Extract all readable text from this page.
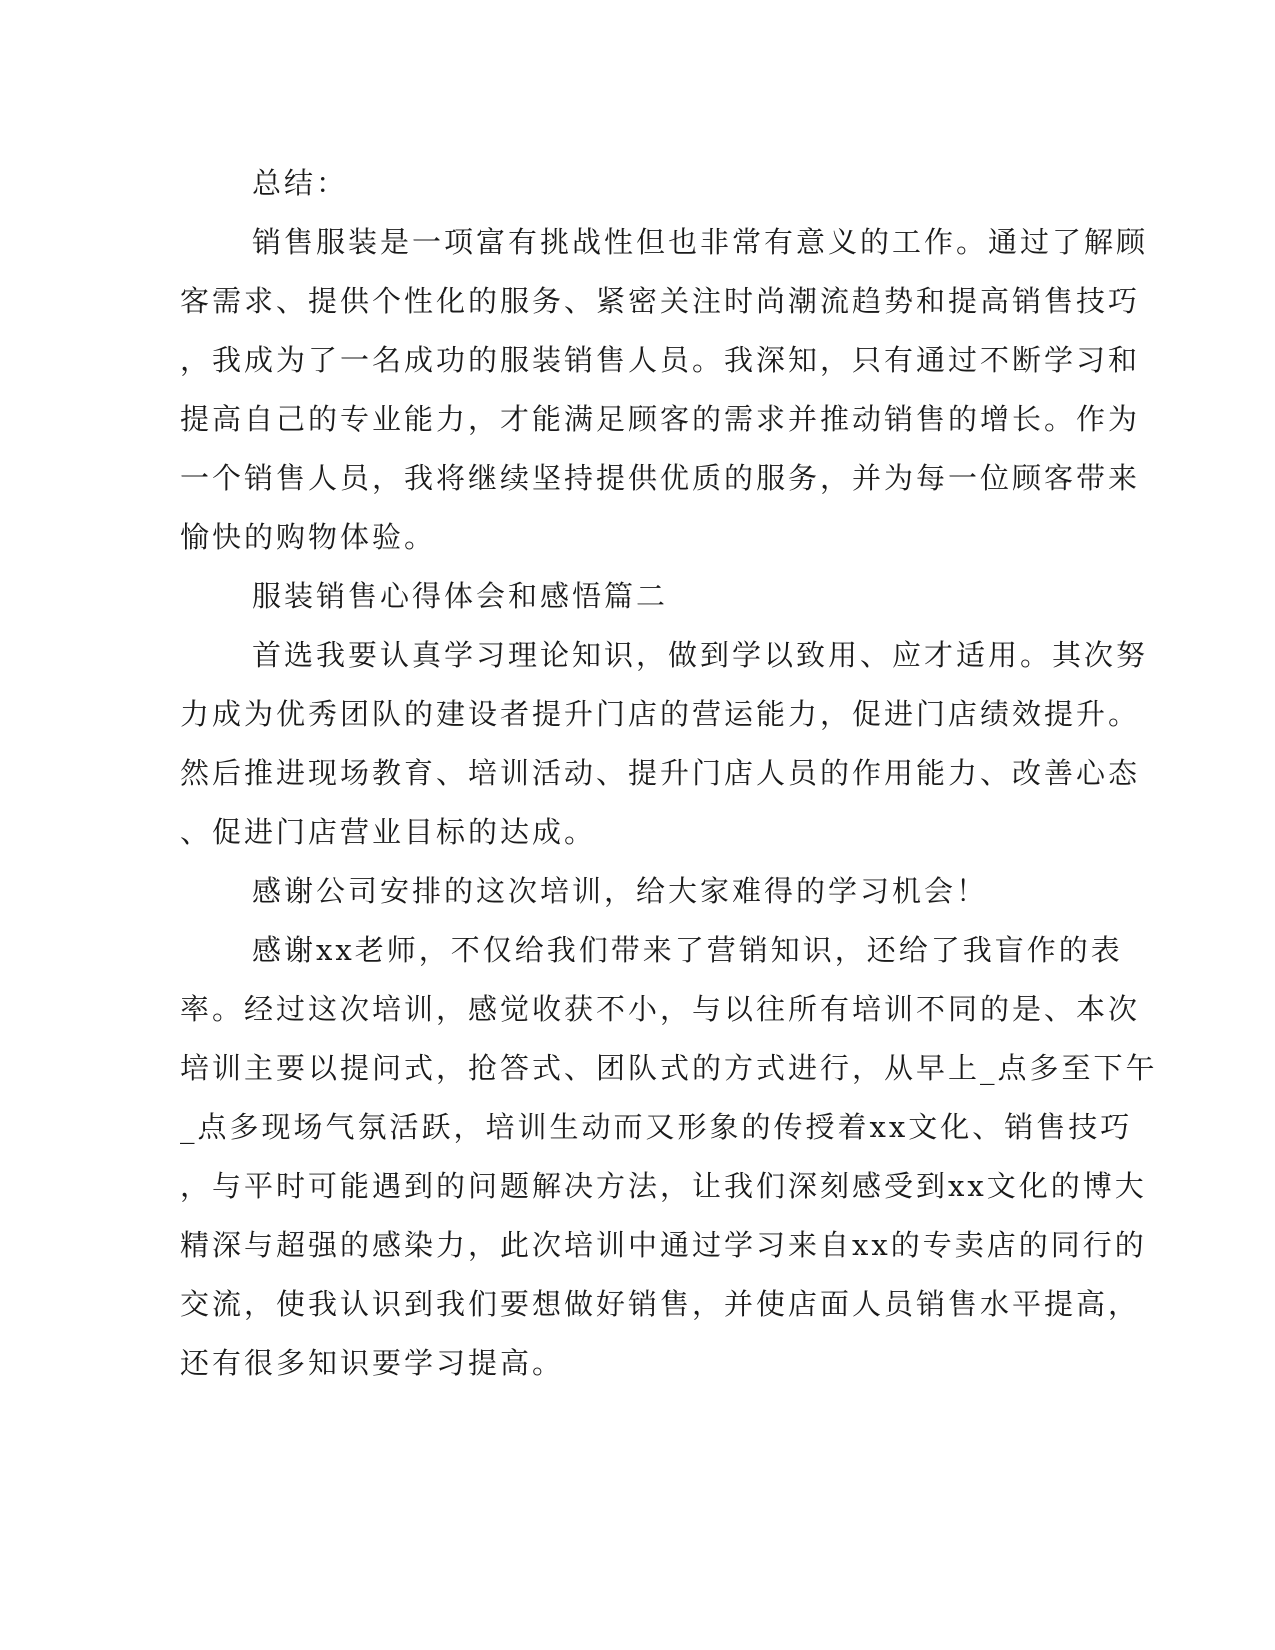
总结：
销售服装是一项富有挑战性但也非常有意义的工作。通过了解顾
客需求、提供个性化的服务、紧密关注时尚潮流趋势和提高销售技巧
，我成为了一名成功的服装销售人员。我深知，只有通过不断学习和
提高自己的专业能力，才能满足顾客的需求并推动销售的增长。作为
一个销售人员，我将继续坚持提供优质的服务，并为每一位顾客带来
愉快的购物体验。
服装销售心得体会和感悟篇二
首选我要认真学习理论知识，做到学以致用、应才适用。其次努
力成为优秀团队的建设者提升门店的营运能力，促进门店绩效提升。
然后推进现场教育、培训活动、提升门店人员的作用能力、改善心态
、促进门店营业目标的达成。
感谢公司安排的这次培训，给大家难得的学习机会！
感谢xx老师，不仅给我们带来了营销知识，还给了我盲作的表
率。经过这次培训，感觉收获不小，与以往所有培训不同的是、本次
培训主要以提问式，抢答式、团队式的方式进行，从早上_点多至下午
_点多现场气氛活跃，培训生动而又形象的传授着xx文化、销售技巧
，与平时可能遇到的问题解决方法，让我们深刻感受到xx文化的博大
精深与超强的感染力，此次培训中通过学习来自xx的专卖店的同行的
交流，使我认识到我们要想做好销售，并使店面人员销售水平提高，
还有很多知识要学习提高。
